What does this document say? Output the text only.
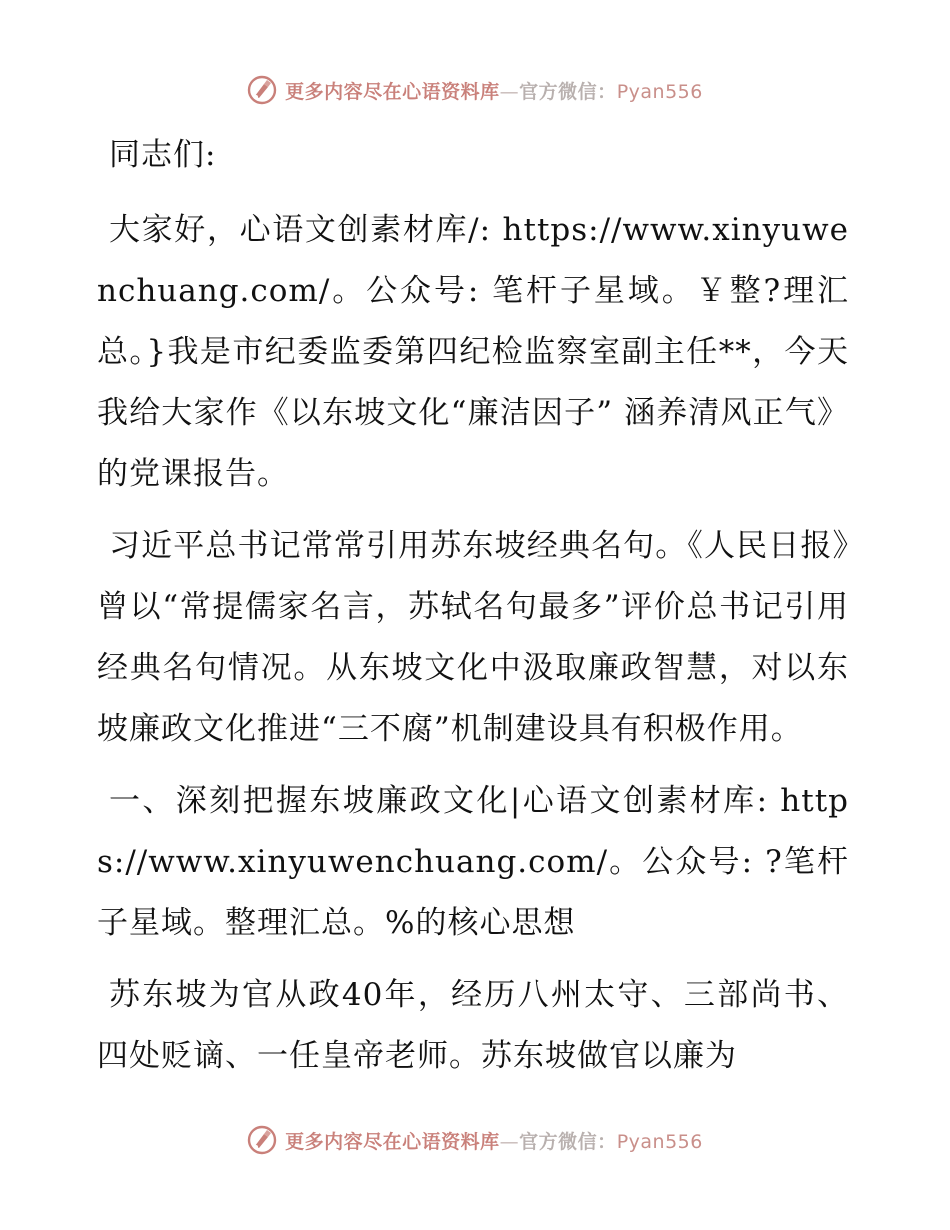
更多内容尽在心语资料库—官方微信：Pyan556

同志们:

大家好，心语文创素材库/: https://www.xinyuwenchuang.com/。公众号: 笔杆子星域。￥整?理汇总。}我是市纪委监委第四纪检监察室副主任**，今天我给大家作《以东坡文化“廉洁因子” 涵养清风正气》的党课报告。

习近平总书记常常引用苏东坡经典名句。《人民日报》曾以“常提儒家名言，苏轼名句最多”评价总书记引用经典名句情况。从东坡文化中汲取廉政智慧，对以东坡廉政文化推进“三不腐”机制建设具有积极作用。

一、深刻把握东坡廉政文化|心语文创素材库: https://www.xinyuwenchuang.com/。公众号: ?笔杆子星域。整理汇总。%的核心思想

苏东坡为官从政40年，经历八州太守、三部尚书、四处贬谪、一任皇帝老师。苏东坡做官以廉为

更多内容尽在心语资料库—官方微信：Pyan556
